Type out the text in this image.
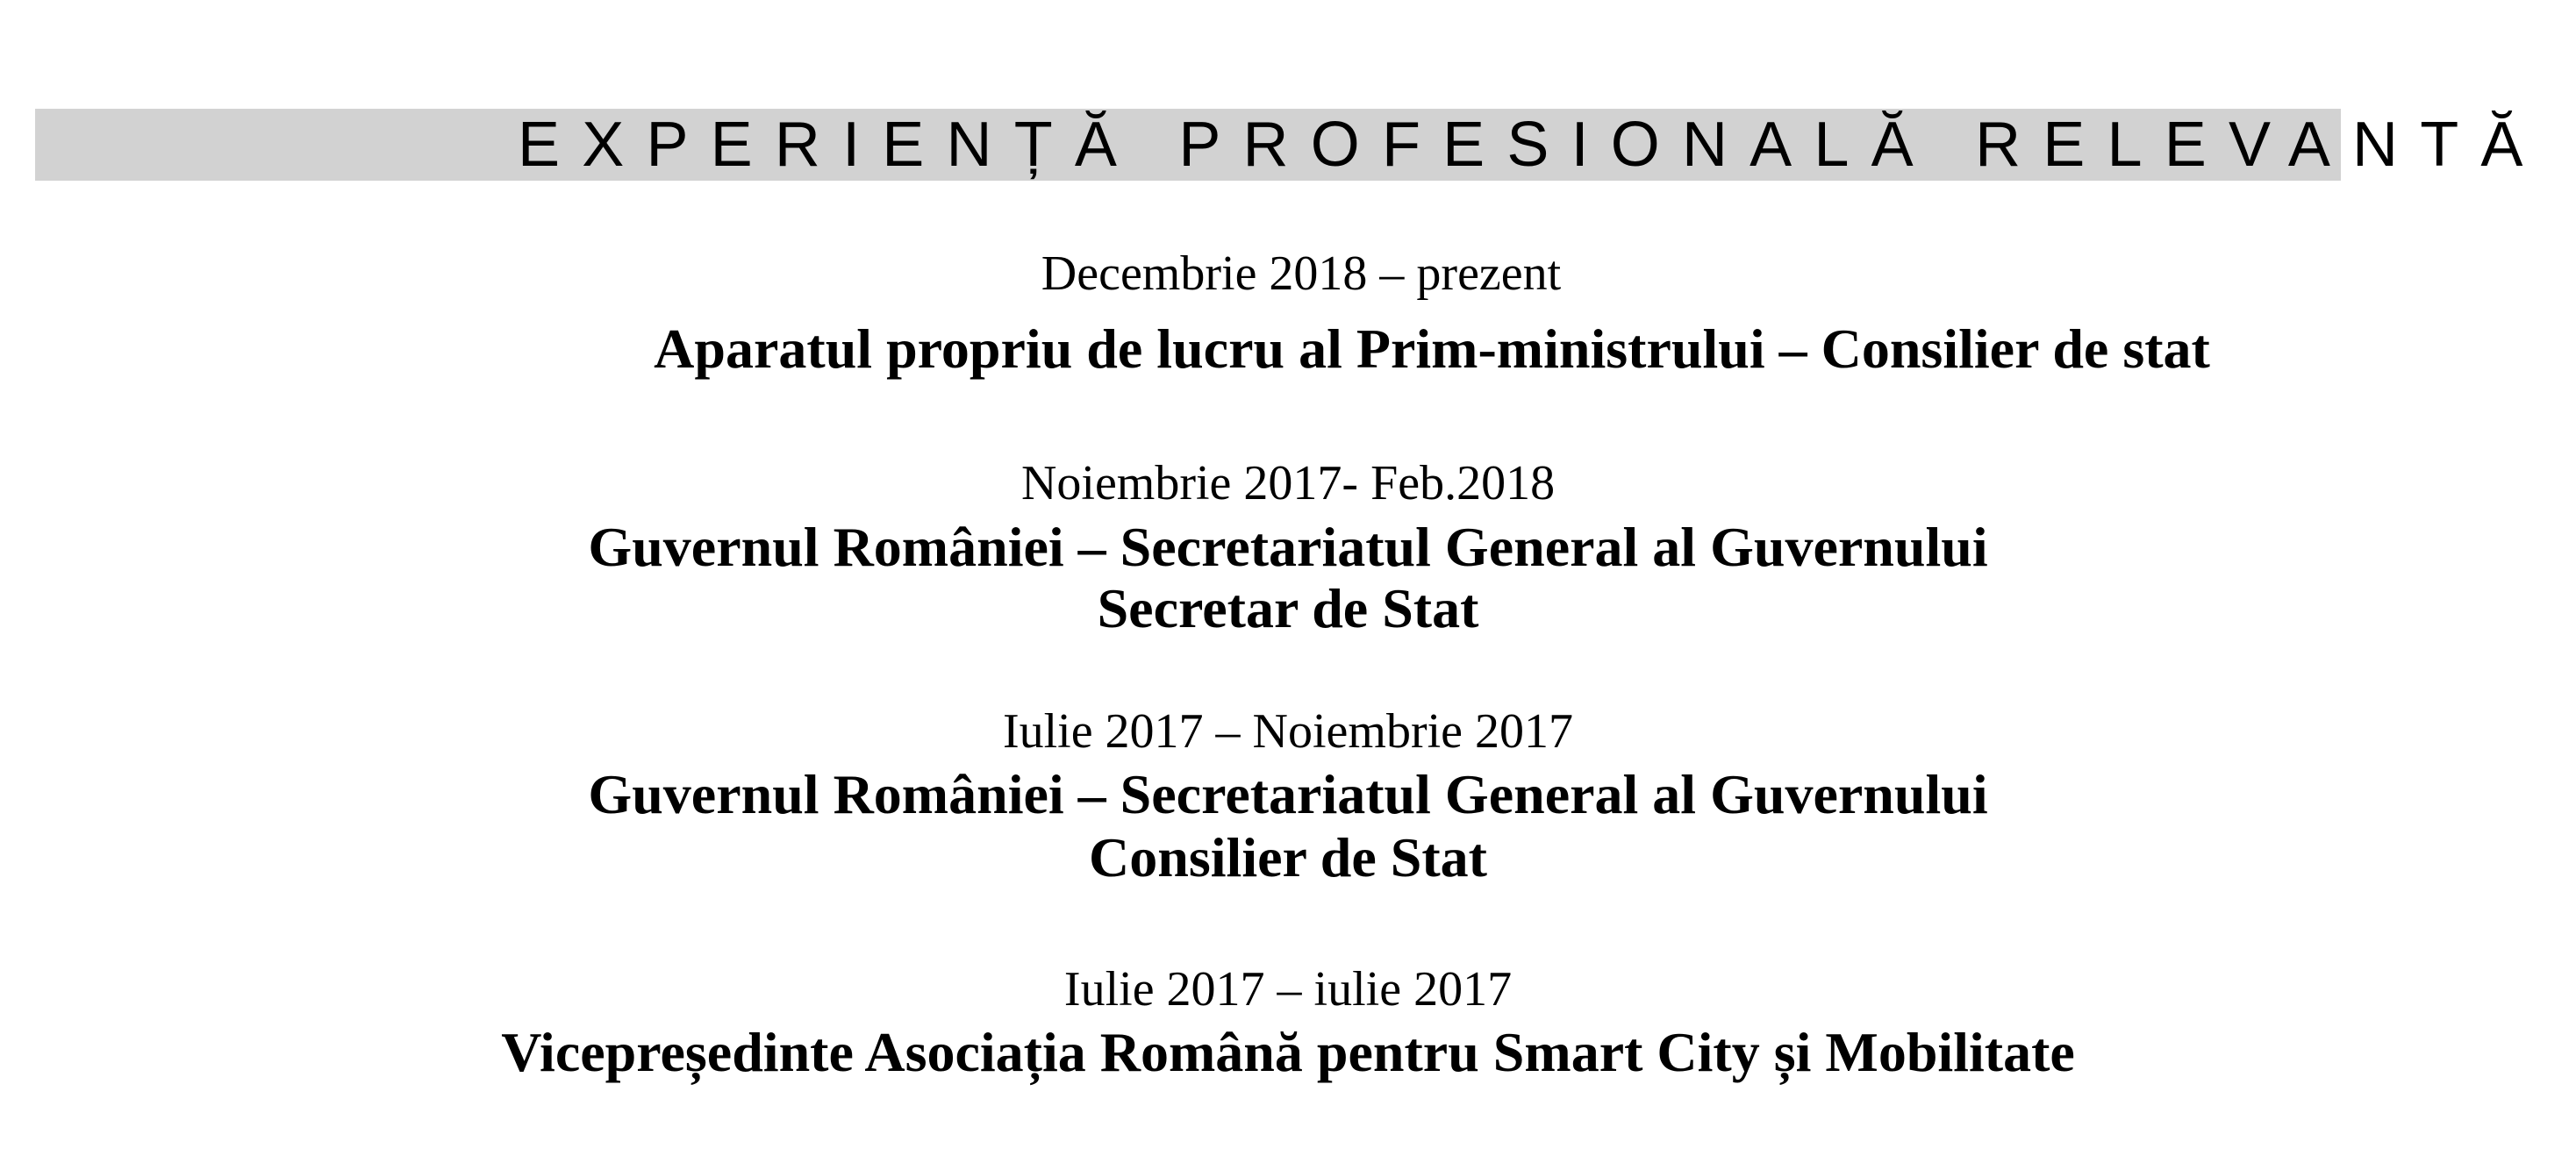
EXPERIENȚĂ PROFESIONALĂ RELEVANTĂ

Decembrie 2018 – prezent

Aparatul propriu de lucru al Prim-ministrului – Consilier de stat

Noiembrie 2017- Feb.2018

Guvernul României – Secretariatul General al Guvernului

Secretar de Stat

Iulie 2017 – Noiembrie 2017

Guvernul României – Secretariatul General al Guvernului

Consilier de Stat

Iulie 2017 – iulie 2017

Vicepreședinte Asociația Română pentru Smart City și Mobilitate
